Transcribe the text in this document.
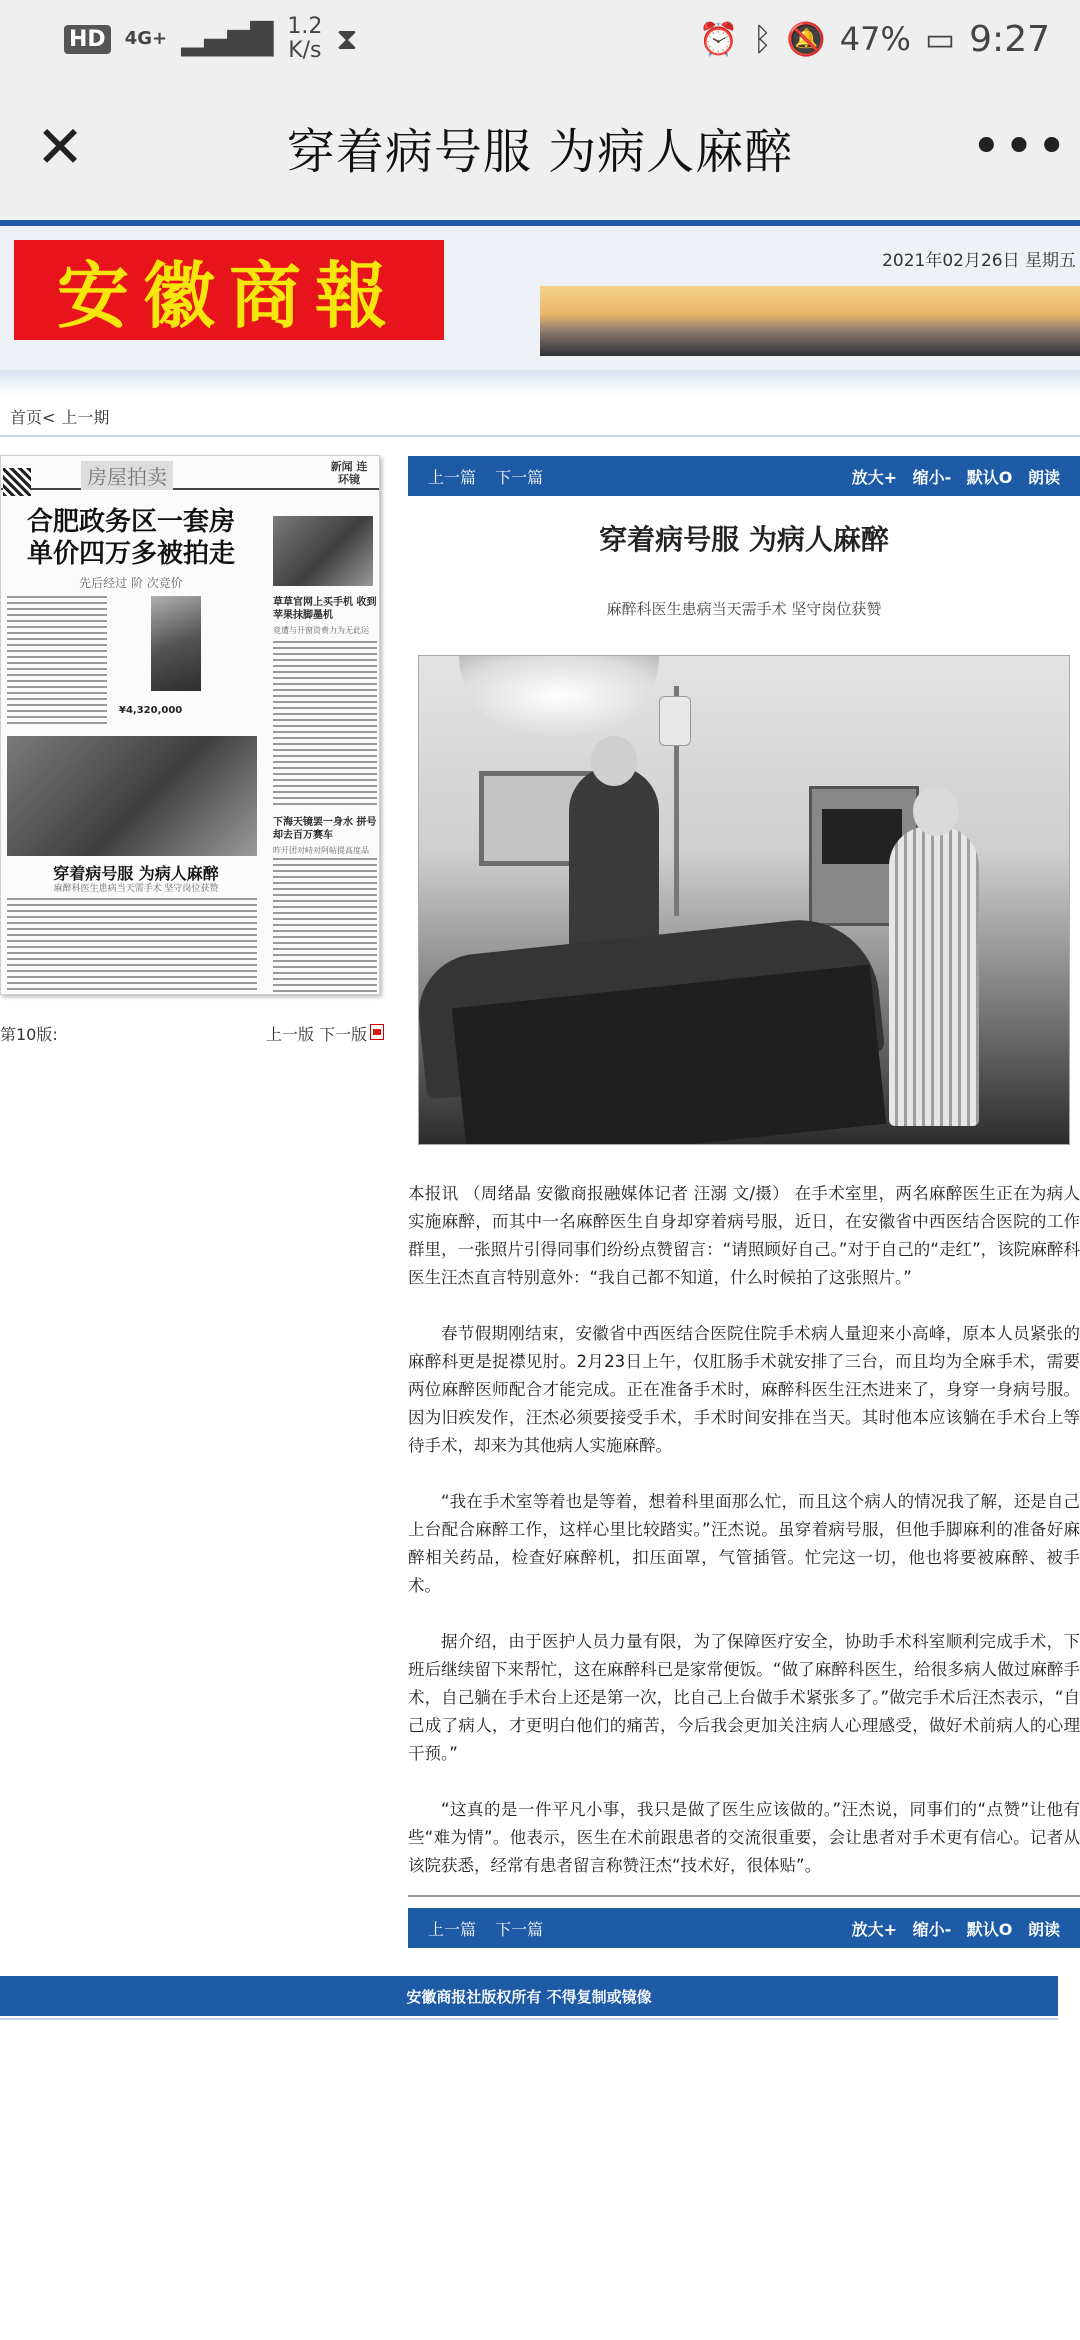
HD 4G+ ▂▄▆█ 1.2
K/s ⧗	⏰ ᛒ 🔕 47% ▭ 9:27
✕	穿着病号服 为病人麻醉	•••
安徽商報	2021年02月26日 星期五
首页< 上一期
房屋拍卖	新闻 连环镜
合肥政务区一套房 单价四万多被拍走
先后经过 阶 次竞价
¥4,320,000
草草官网上买手机 收到苹果抹脚墨机
竟遭与开窗资费力为无此运
穿着病号服 为病人麻醉
麻醉科医生患病当天需手术 坚守岗位获赞
下海天镜罢一身水 拼号却去百万赛车
昨开团对峙对阿帖提高度品
第10版:	上一版 下一版
上一篇 下一篇	放大+ 缩小- 默认O 朗读
穿着病号服 为病人麻醉
麻醉科医生患病当天需手术 坚守岗位获赞

本报讯 （周绪晶 安徽商报融媒体记者 汪溺 文/摄） 在手术室里，两名麻醉医生正在为病人实施麻醉，而其中一名麻醉医生自身却穿着病号服，近日，在安徽省中西医结合医院的工作群里，一张照片引得同事们纷纷点赞留言：“请照顾好自己。”对于自己的“走红”，该院麻醉科医生汪杰直言特别意外：“我自己都不知道，什么时候拍了这张照片。”

春节假期刚结束，安徽省中西医结合医院住院手术病人量迎来小高峰，原本人员紧张的麻醉科更是捉襟见肘。2月23日上午，仅肛肠手术就安排了三台，而且均为全麻手术，需要两位麻醉医师配合才能完成。正在准备手术时，麻醉科医生汪杰进来了，身穿一身病号服。因为旧疾发作，汪杰必须要接受手术，手术时间安排在当天。其时他本应该躺在手术台上等待手术，却来为其他病人实施麻醉。

“我在手术室等着也是等着，想着科里面那么忙，而且这个病人的情况我了解，还是自己上台配合麻醉工作，这样心里比较踏实。”汪杰说。虽穿着病号服，但他手脚麻利的准备好麻醉相关药品，检查好麻醉机，扣压面罩，气管插管。忙完这一切，他也将要被麻醉、被手术。

据介绍，由于医护人员力量有限，为了保障医疗安全，协助手术科室顺利完成手术，下班后继续留下来帮忙，这在麻醉科已是家常便饭。“做了麻醉科医生，给很多病人做过麻醉手术，自己躺在手术台上还是第一次，比自己上台做手术紧张多了。”做完手术后汪杰表示，“自己成了病人，才更明白他们的痛苦，今后我会更加关注病人心理感受，做好术前病人的心理干预。”

“这真的是一件平凡小事，我只是做了医生应该做的。”汪杰说，同事们的“点赞”让他有些“难为情”。他表示，医生在术前跟患者的交流很重要，会让患者对手术更有信心。记者从该院获悉，经常有患者留言称赞汪杰“技术好，很体贴”。

上一篇 下一篇	放大+ 缩小- 默认O 朗读
安徽商报社版权所有 不得复制或镜像
